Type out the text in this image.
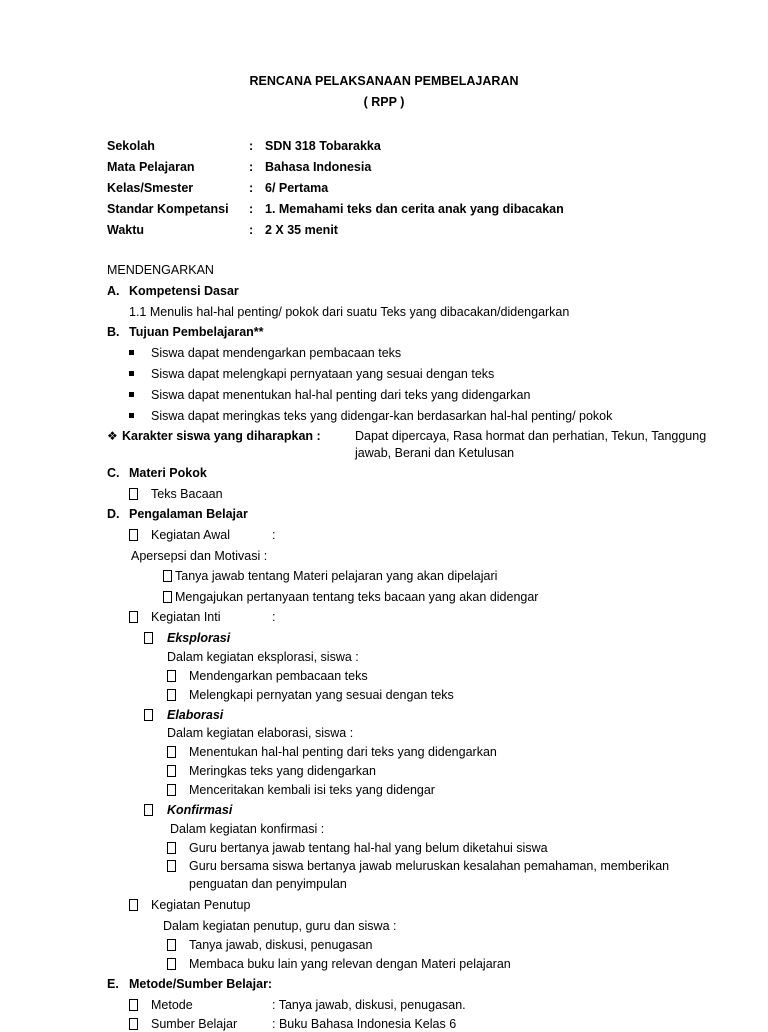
RENCANA PELAKSANAAN PEMBELAJARAN
( RPP )
Sekolah	: SDN 318 Tobarakka
Mata Pelajaran	: Bahasa Indonesia
Kelas/Smester	: 6/ Pertama
Standar Kompetansi : 1. Memahami teks dan cerita anak yang dibacakan
Waktu	: 2 X 35 menit
MENDENGARKAN
A. Kompetensi Dasar
1.1 Menulis hal-hal penting/ pokok dari suatu Teks yang dibacakan/didengarkan
B. Tujuan Pembelajaran**
Siswa dapat mendengarkan pembacaan teks
Siswa dapat melengkapi pernyataan yang sesuai dengan teks
Siswa dapat menentukan hal-hal penting dari teks yang didengarkan
Siswa dapat meringkas teks yang didengar-kan berdasarkan hal-hal penting/ pokok
❖ Karakter siswa yang diharapkan :	Dapat dipercaya, Rasa hormat dan perhatian, Tekun, Tanggung
jawab, Berani dan Ketulusan
C. Materi Pokok
Teks Bacaan
D. Pengalaman Belajar
Kegiatan Awal	:
Apersepsi dan Motivasi :
Tanya jawab tentang Materi pelajaran yang akan dipelajari
Mengajukan pertanyaan tentang teks bacaan yang akan didengar
Kegiatan Inti	:
Eksplorasi
Dalam kegiatan eksplorasi, siswa :
Mendengarkan pembacaan teks
Melengkapi pernyatan yang sesuai dengan teks
Elaborasi
Dalam kegiatan elaborasi, siswa :
Menentukan hal-hal penting dari teks yang didengarkan
Meringkas teks yang didengarkan
Menceritakan kembali isi teks yang didengar
Konfirmasi
Dalam kegiatan konfirmasi :
Guru bertanya jawab tentang hal-hal yang belum diketahui siswa
Guru bersama siswa bertanya jawab meluruskan kesalahan pemahaman, memberikan
penguatan dan penyimpulan
Kegiatan Penutup
Dalam kegiatan penutup, guru dan siswa :
Tanya jawab, diskusi, penugasan
Membaca buku lain yang relevan dengan Materi pelajaran
E. Metode/Sumber Belajar:
Metode	: Tanya jawab, diskusi, penugasan.
Sumber Belajar	: Buku Bahasa Indonesia Kelas 6
